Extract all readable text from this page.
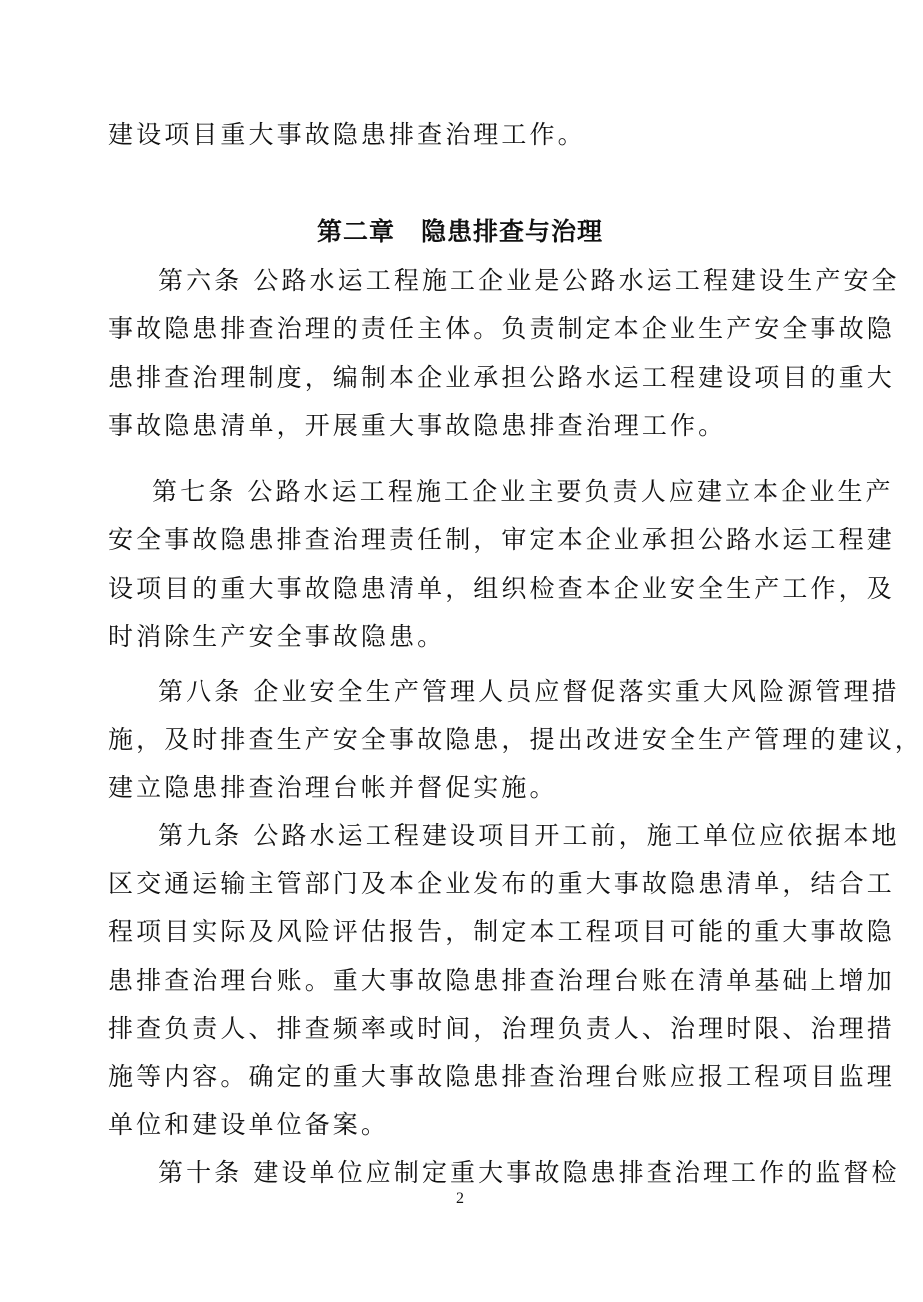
建设项目重大事故隐患排查治理工作。
第二章　隐患排查与治理
第六条 公路水运工程施工企业是公路水运工程建设生产安全
事故隐患排查治理的责任主体。负责制定本企业生产安全事故隐
患排查治理制度，编制本企业承担公路水运工程建设项目的重大
事故隐患清单，开展重大事故隐患排查治理工作。
第七条 公路水运工程施工企业主要负责人应建立本企业生产
安全事故隐患排查治理责任制，审定本企业承担公路水运工程建
设项目的重大事故隐患清单，组织检查本企业安全生产工作，及
时消除生产安全事故隐患。
第八条 企业安全生产管理人员应督促落实重大风险源管理措
施，及时排查生产安全事故隐患，提出改进安全生产管理的建议，
建立隐患排查治理台帐并督促实施。
第九条 公路水运工程建设项目开工前，施工单位应依据本地
区交通运输主管部门及本企业发布的重大事故隐患清单，结合工
程项目实际及风险评估报告，制定本工程项目可能的重大事故隐
患排查治理台账。重大事故隐患排查治理台账在清单基础上增加
排查负责人、排查频率或时间，治理负责人、治理时限、治理措
施等内容。确定的重大事故隐患排查治理台账应报工程项目监理
单位和建设单位备案。
第十条 建设单位应制定重大事故隐患排查治理工作的监督检
2
